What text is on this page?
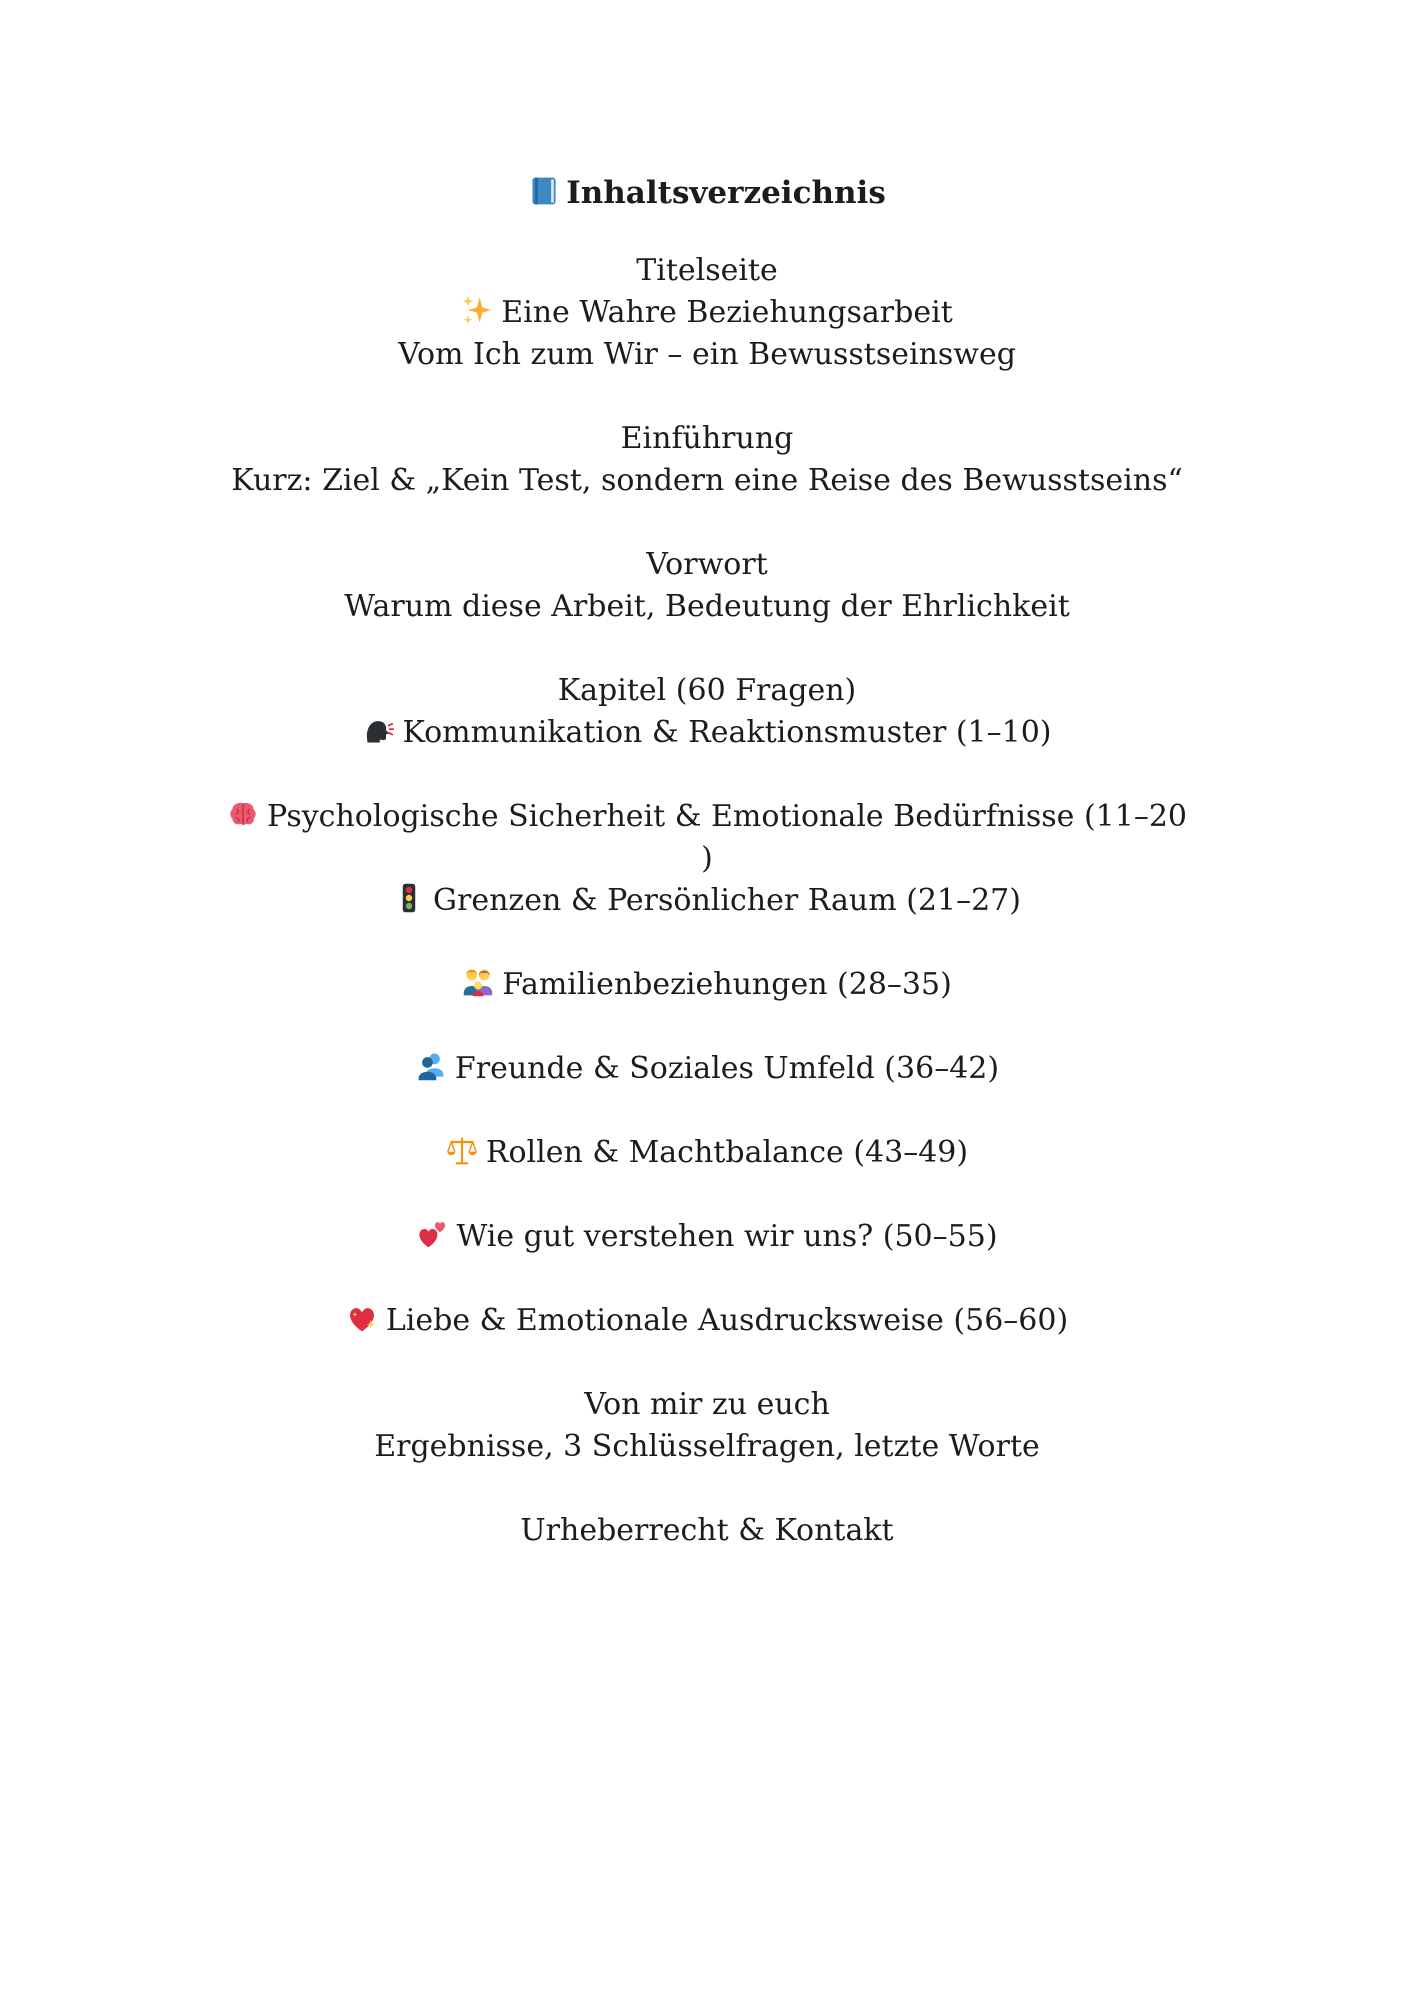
Inhaltsverzeichnis
Titelseite
Eine Wahre Beziehungsarbeit
Vom Ich zum Wir – ein Bewusstseinsweg
Einführung
Kurz: Ziel & „Kein Test, sondern eine Reise des Bewusstseins“
Vorwort
Warum diese Arbeit, Bedeutung der Ehrlichkeit
Kapitel (60 Fragen)
Kommunikation & Reaktionsmuster (1–10)
Psychologische Sicherheit & Emotionale Bedürfnisse (11–20
)
Grenzen & Persönlicher Raum (21–27)
Familienbeziehungen (28–35)
Freunde & Soziales Umfeld (36–42)
Rollen & Machtbalance (43–49)
Wie gut verstehen wir uns? (50–55)
Liebe & Emotionale Ausdrucksweise (56–60)
Von mir zu euch
Ergebnisse, 3 Schlüsselfragen, letzte Worte
Urheberrecht & Kontakt
